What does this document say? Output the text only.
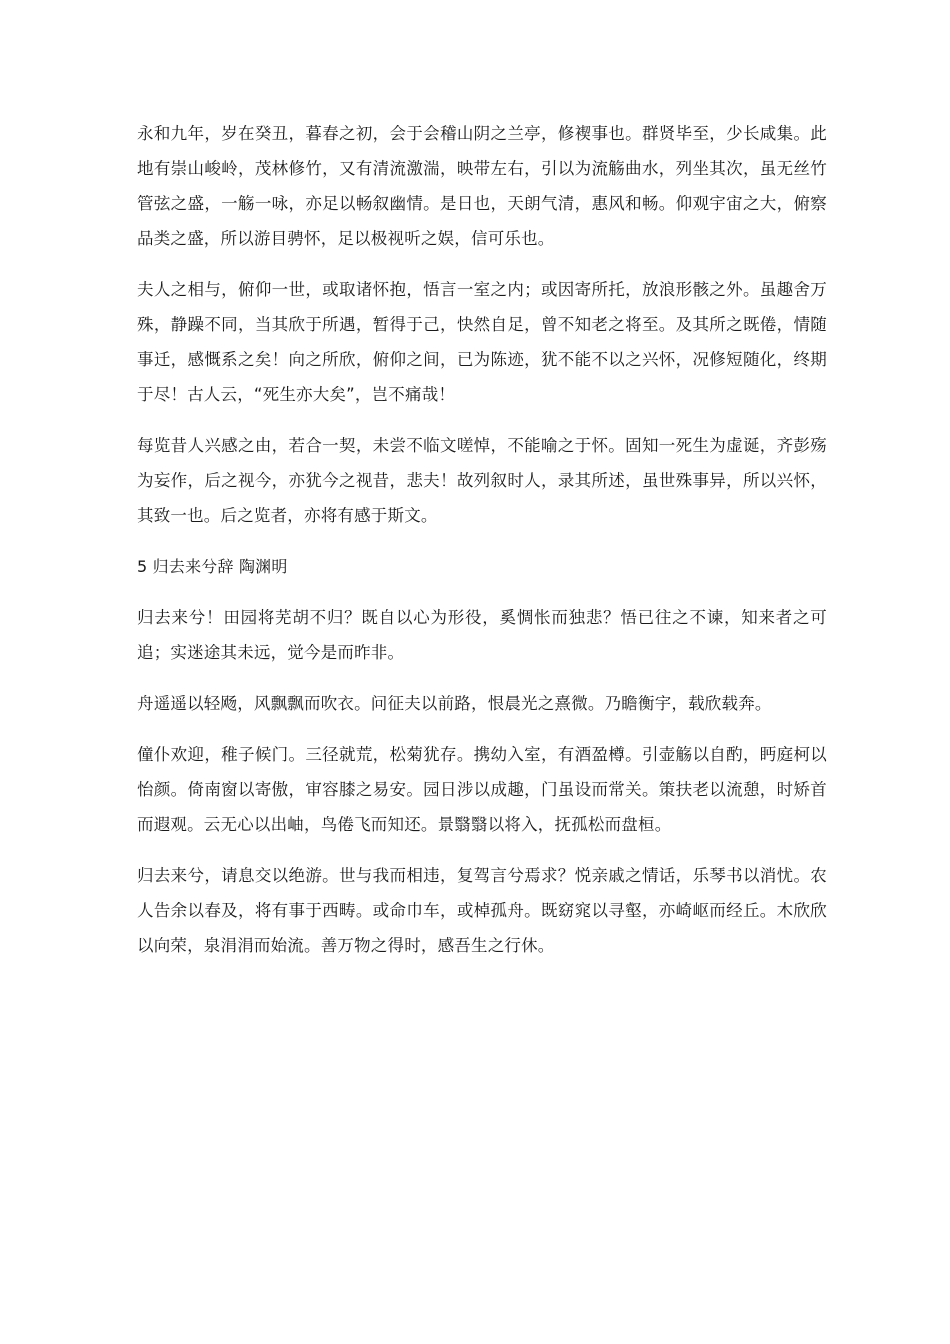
永和九年，岁在癸丑，暮春之初，会于会稽山阴之兰亭，修褉事也。群贤毕至，少长咸集。此地有崇山峻岭，茂林修竹，又有清流激湍，映带左右，引以为流觞曲水，列坐其次，虽无丝竹管弦之盛，一觞一咏，亦足以畅叙幽情。是日也，天朗气清，惠风和畅。仰观宇宙之大，俯察品类之盛，所以游目骋怀，足以极视听之娱，信可乐也。

夫人之相与，俯仰一世，或取诸怀抱，悟言一室之内；或因寄所托，放浪形骸之外。虽趣舍万殊，静躁不同，当其欣于所遇，暂得于己，快然自足，曾不知老之将至。及其所之既倦，情随事迁，感慨系之矣！向之所欣，俯仰之间，已为陈迹，犹不能不以之兴怀，况修短随化，终期于尽！古人云，“死生亦大矣”，岂不痛哉！

每览昔人兴感之由，若合一契，未尝不临文嗟悼，不能喻之于怀。固知一死生为虚诞，齐彭殇为妄作，后之视今，亦犹今之视昔，悲夫！故列叙时人，录其所述，虽世殊事异，所以兴怀，其致一也。后之览者，亦将有感于斯文。

5 归去来兮辞 陶渊明

归去来兮！田园将芜胡不归？既自以心为形役，奚惆怅而独悲？悟已往之不谏，知来者之可追；实迷途其未远，觉今是而昨非。

舟遥遥以轻飏，风飘飘而吹衣。问征夫以前路，恨晨光之熹微。乃瞻衡宇，载欣载奔。

僮仆欢迎，稚子候门。三径就荒，松菊犹存。携幼入室，有酒盈樽。引壶觞以自酌，眄庭柯以怡颜。倚南窗以寄傲，审容膝之易安。园日涉以成趣，门虽设而常关。策扶老以流憩，时矫首而遐观。云无心以出岫，鸟倦飞而知还。景翳翳以将入，抚孤松而盘桓。

归去来兮，请息交以绝游。世与我而相违，复驾言兮焉求？悦亲戚之情话，乐琴书以消忧。农人告余以春及，将有事于西畴。或命巾车，或棹孤舟。既窈窕以寻壑，亦崎岖而经丘。木欣欣以向荣，泉涓涓而始流。善万物之得时，感吾生之行休。
